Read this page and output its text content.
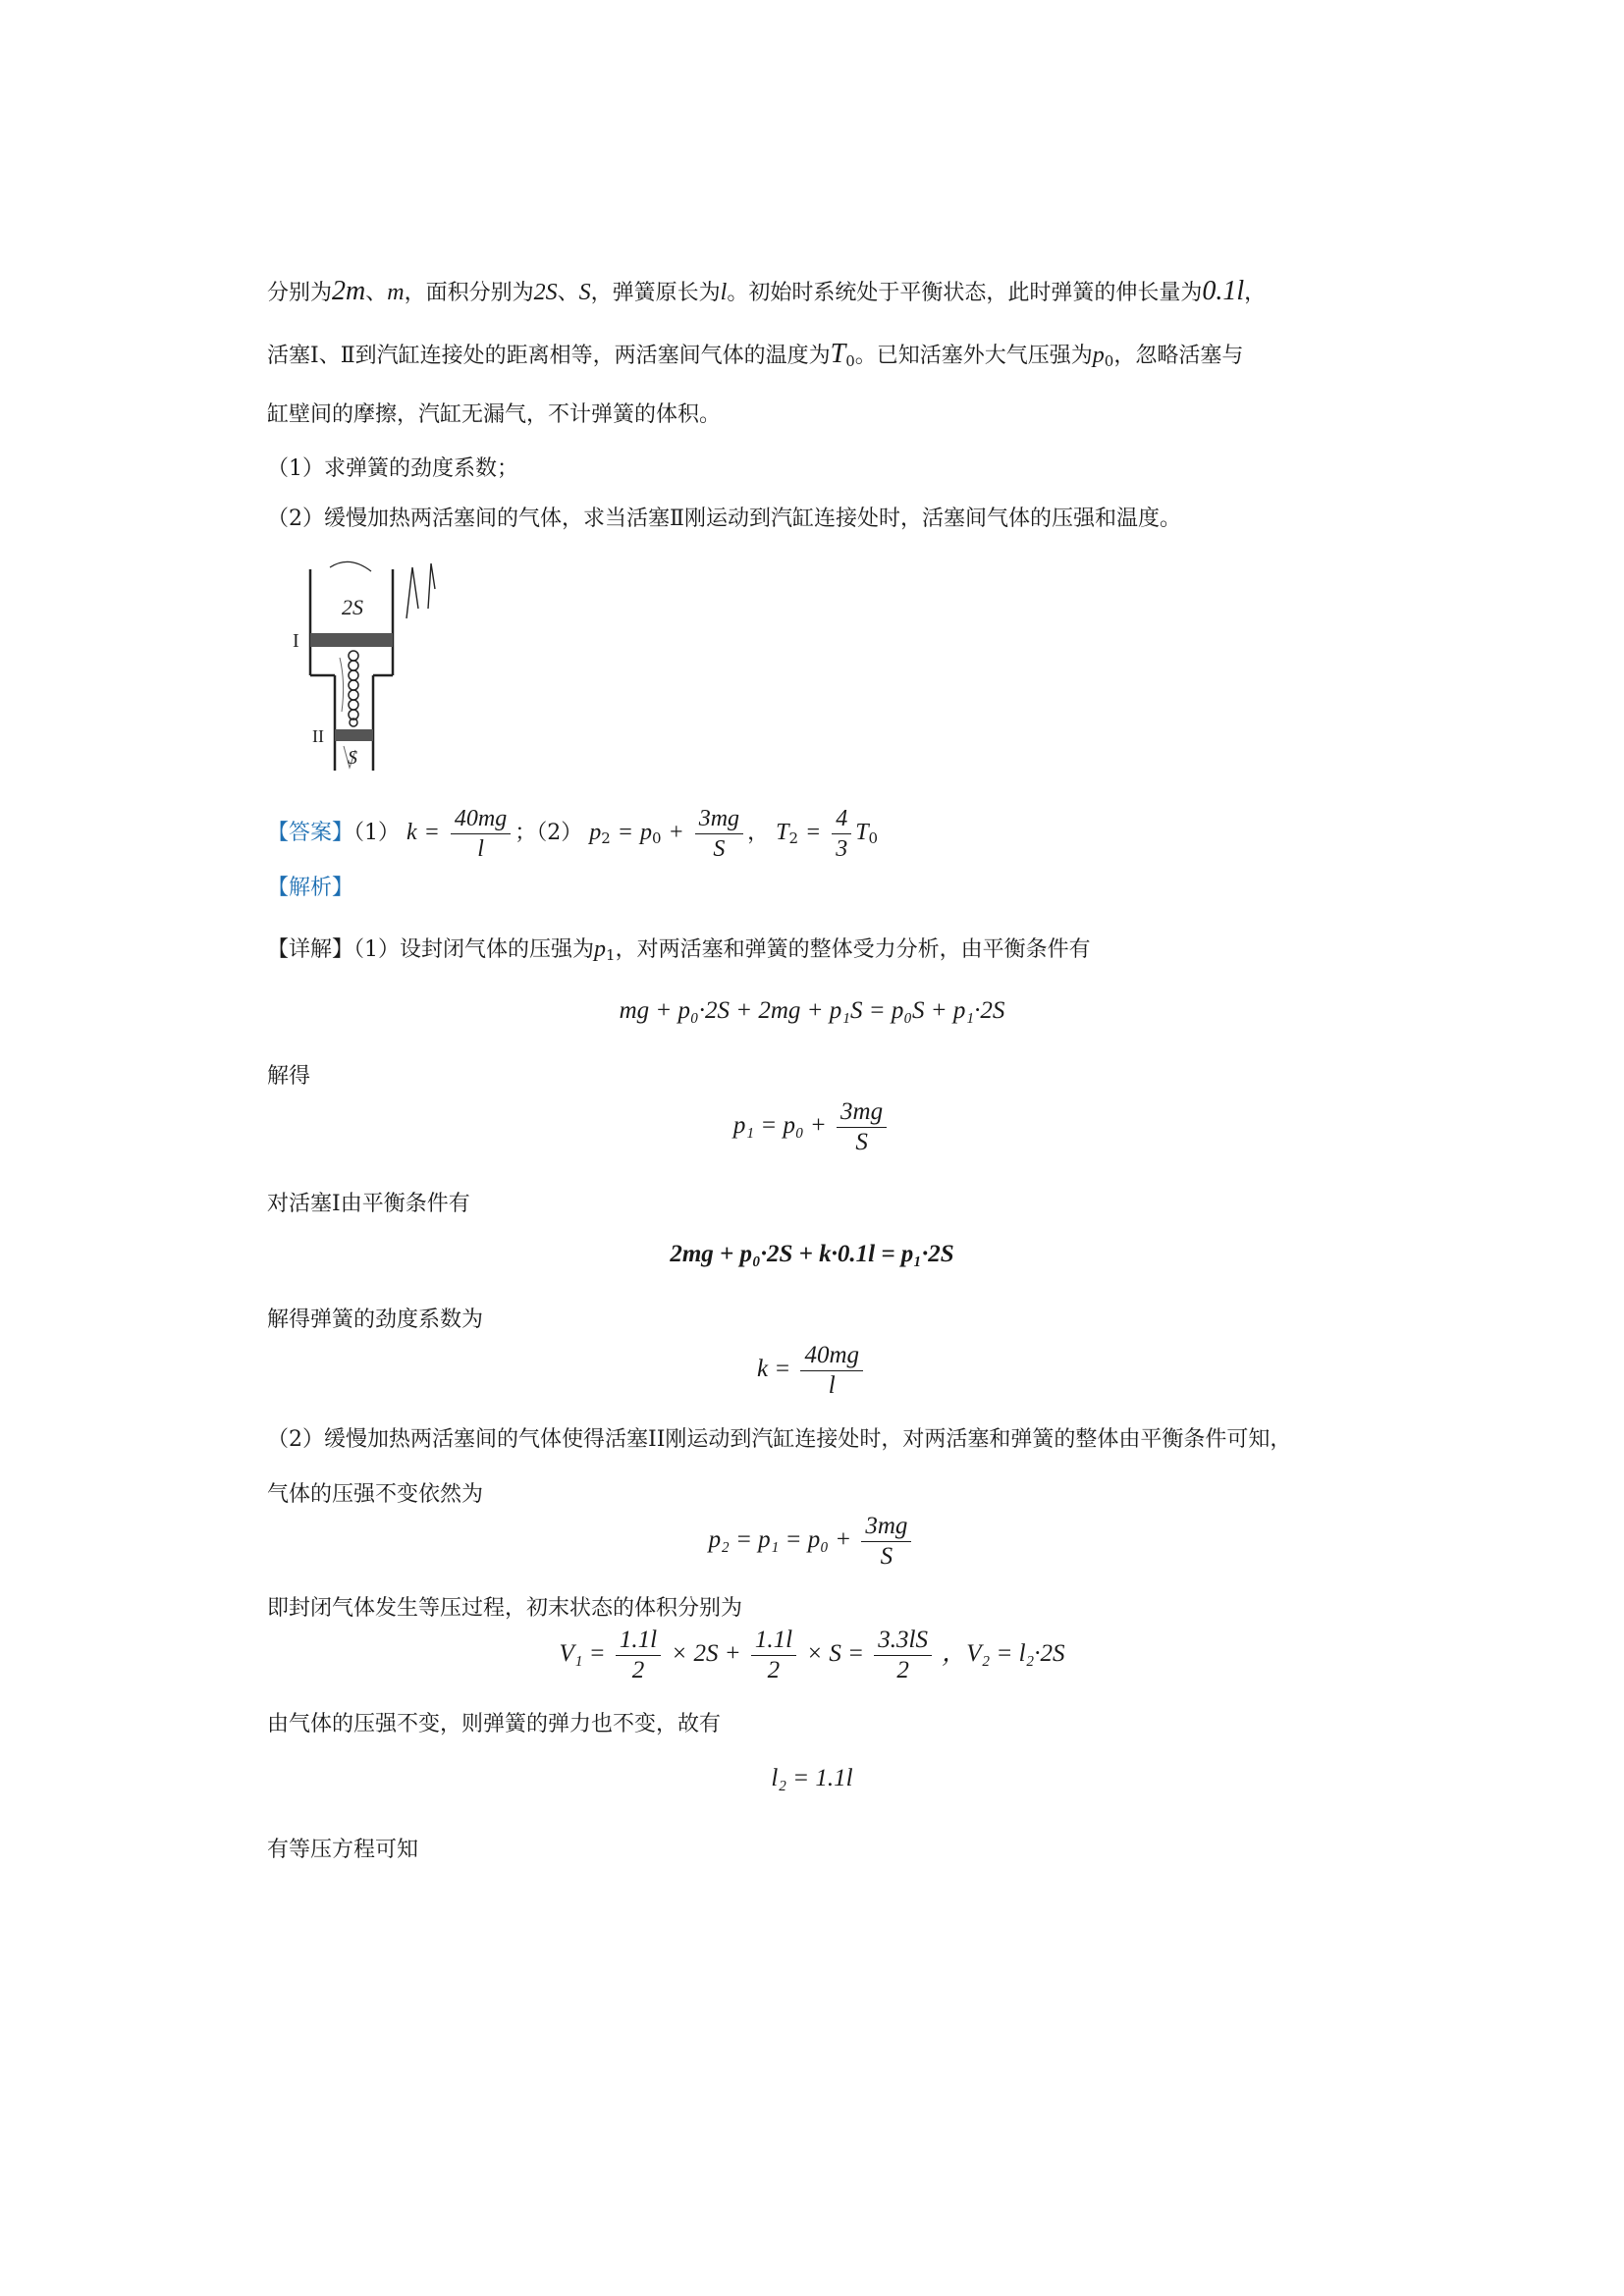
分别为2m、m，面积分别为2S、S，弹簧原长为l。初始时系统处于平衡状态，此时弹簧的伸长量为0.1l，
活塞Ⅰ、Ⅱ到汽缸连接处的距离相等，两活塞间气体的温度为$T_0$。已知活塞外大气压强为$p_0$，忽略活塞与
缸壁间的摩擦，汽缸无漏气，不计弹簧的体积。
（1）求弹簧的劲度系数；
（2）缓慢加热两活塞间的气体，求当活塞Ⅱ刚运动到汽缸连接处时，活塞间气体的压强和温度。
2S
S
I
II
【答案】（1） $k = \frac{40mg}{l}$ ；（2） $p_2 = p_0 + \frac{3mg}{S}$ ， $T_2 = \frac{4}{3} T_0$
【解析】
【详解】（1）设封闭气体的压强为$p_1$，对两活塞和弹簧的整体受力分析，由平衡条件有
mg + p₀·2S + 2mg + p₁S = p₀S + p₁·2S
解得
$p_1 = p_0 + \frac{3mg}{S}$
对活塞I由平衡条件有
2mg + p₀·2S + k·0.1l = p₁·2S
解得弹簧的劲度系数为
$k = \frac{40mg}{l}$
（2）缓慢加热两活塞间的气体使得活塞II刚运动到汽缸连接处时，对两活塞和弹簧的整体由平衡条件可知，
气体的压强不变依然为
$p_2 = p_1 = p_0 + \frac{3mg}{S}$
即封闭气体发生等压过程，初末状态的体积分别为
$V_1 = \frac{1.1l}{2} \times 2S + \frac{1.1l}{2} \times S = \frac{3.3lS}{2}$ ，V₂ = l₂·2S
由气体的压强不变，则弹簧的弹力也不变，故有
l₂ = 1.1l
有等压方程可知
